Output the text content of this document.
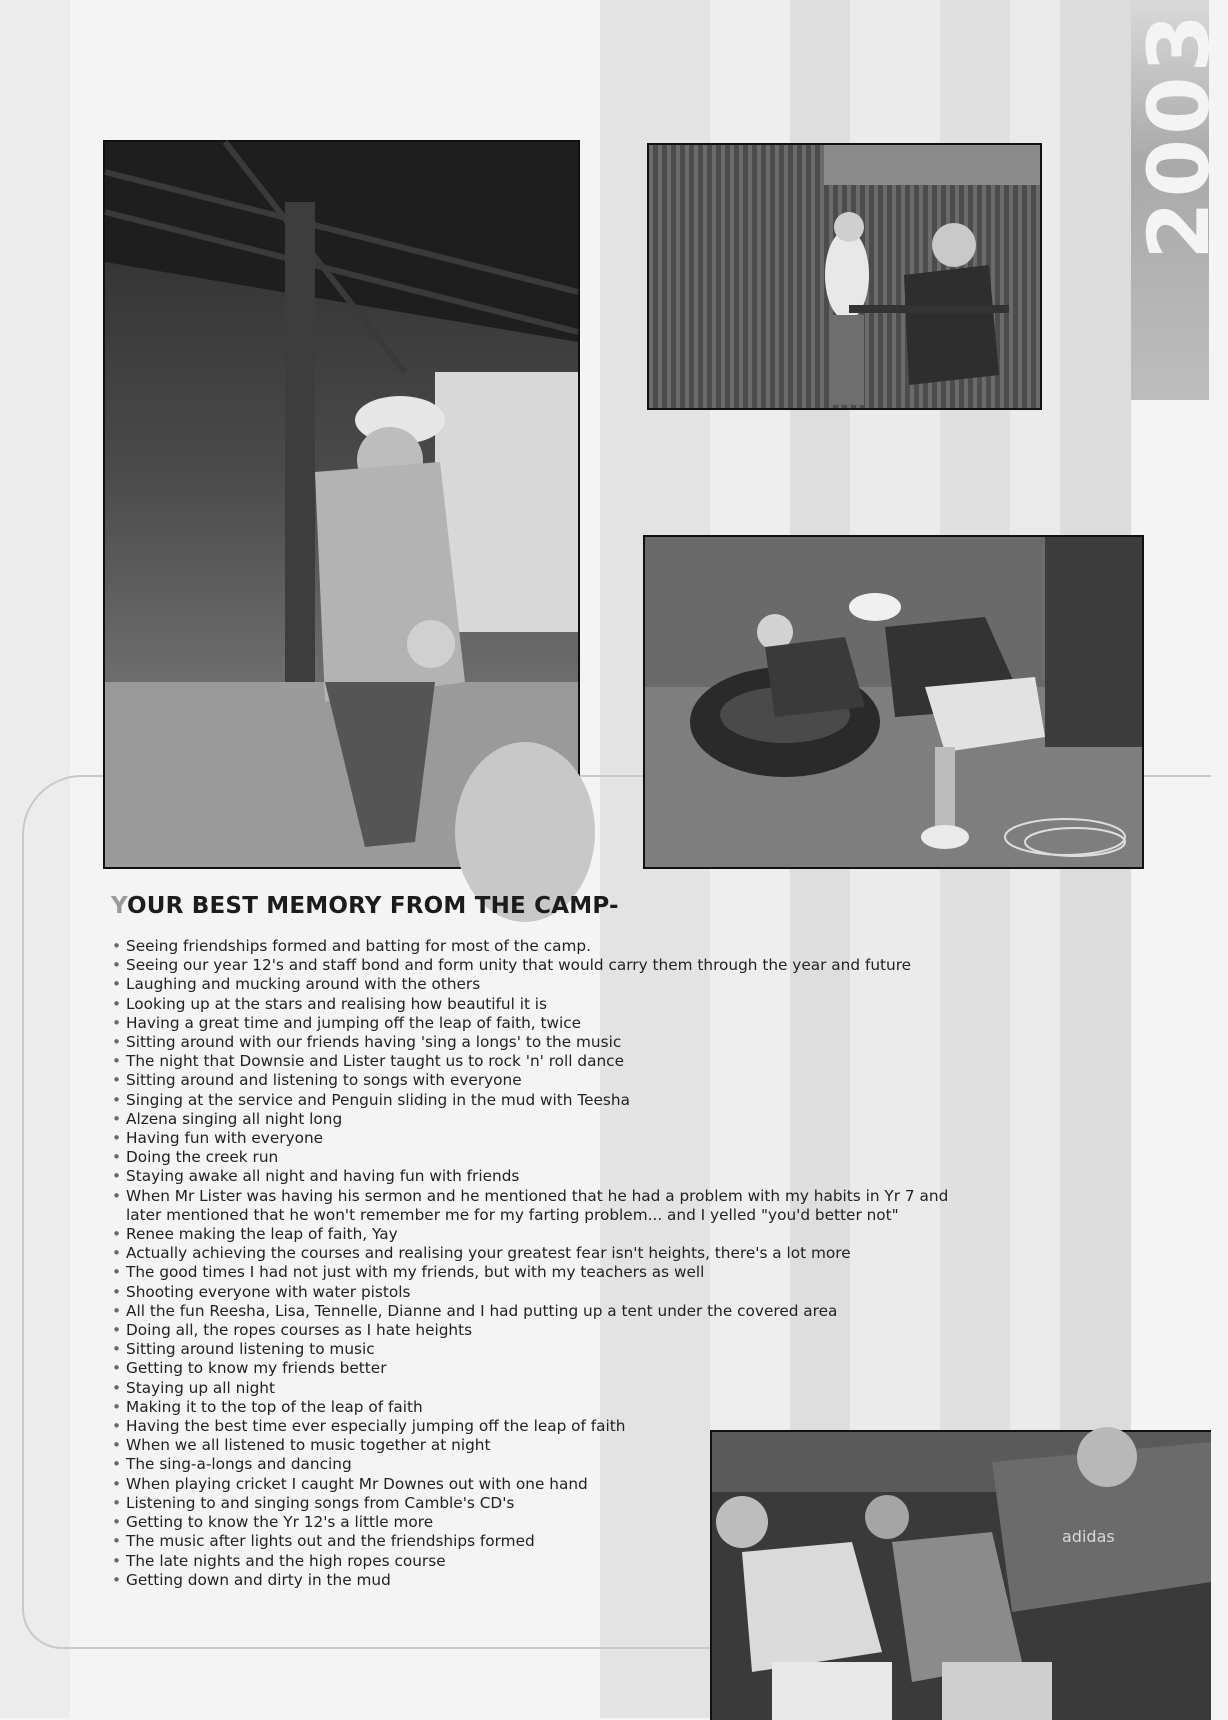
2003
adidas
YOUR BEST MEMORY FROM THE CAMP-
• Seeing friendships formed and batting for most of the camp.
• Seeing our year 12's and staff bond and form unity that would carry them through the year and future
• Laughing and mucking around with the others
• Looking up at the stars and realising how beautiful it is
• Having a great time and jumping off the leap of faith, twice
• Sitting around with our friends having 'sing a longs' to the music
• The night that Downsie and Lister taught us to rock 'n' roll dance
• Sitting around and listening to songs with everyone
• Singing at the service and Penguin sliding in the mud with Teesha
• Alzena singing all night long
• Having fun with everyone
• Doing the creek run
• Staying awake all night and having fun with friends
• When Mr Lister was having his sermon and he mentioned that he had a problem with my habits in Yr 7 and
later mentioned that he won't remember me for my farting problem... and I yelled "you'd better not"
• Renee making the leap of faith, Yay
• Actually achieving the courses and realising your greatest fear isn't heights, there's a lot more
• The good times I had not just with my friends, but with my teachers as well
• Shooting everyone with water pistols
• All the fun Reesha, Lisa, Tennelle, Dianne and I had putting up a tent under the covered area
• Doing all, the ropes courses as I hate heights
• Sitting around listening to music
• Getting to know my friends better
• Staying up all night
• Making it to the top of the leap of faith
• Having the best time ever especially jumping off the leap of faith
• When we all listened to music together at night
• The sing-a-longs and dancing
• When playing cricket I caught Mr Downes out with one hand
• Listening to and singing songs from Camble's CD's
• Getting to know the Yr 12's a little more
• The music after lights out and the friendships formed
• The late nights and the high ropes course
• Getting down and dirty in the mud
